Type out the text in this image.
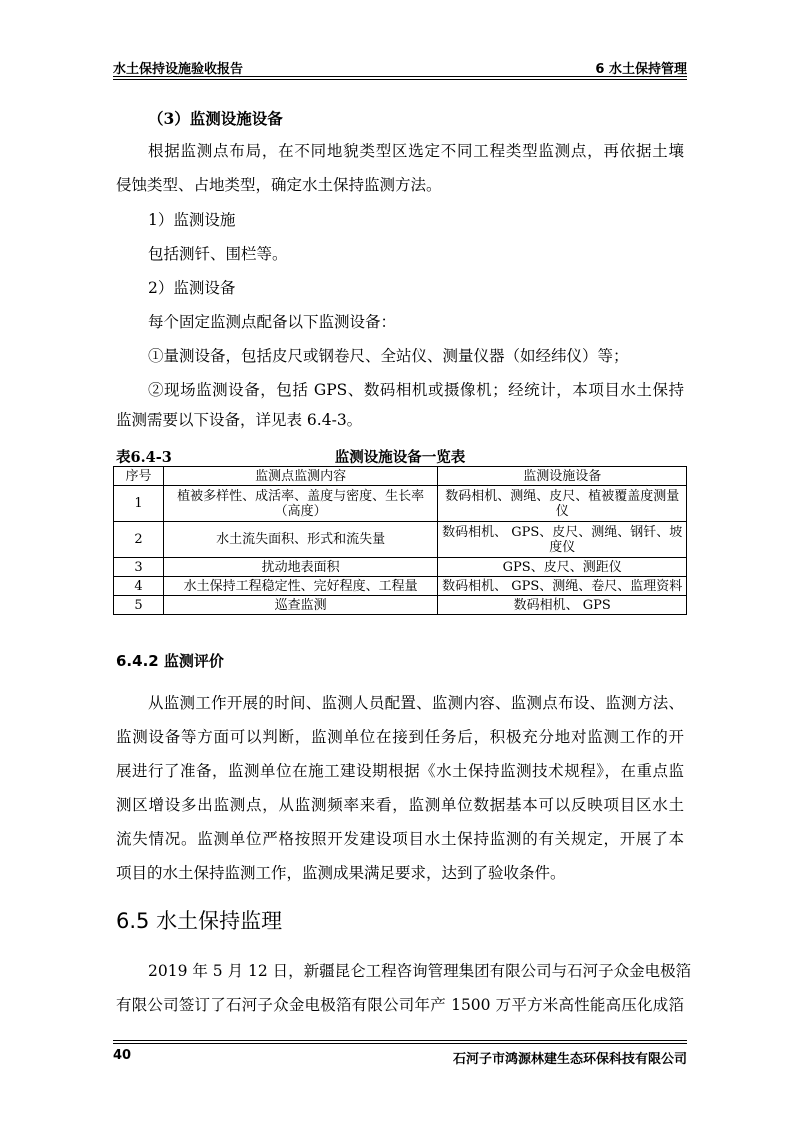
水土保持设施验收报告	6 水土保持管理
（3）监测设施设备
根据监测点布局，在不同地貌类型区选定不同工程类型监测点，再依据土壤
侵蚀类型、占地类型，确定水土保持监测方法。
1）监测设施
包括测钎、围栏等。
2）监测设备
每个固定监测点配备以下监测设备：
①量测设备，包括皮尺或钢卷尺、全站仪、测量仪器（如经纬仪）等；
②现场监测设备，包括 GPS、数码相机或摄像机；经统计，本项目水土保持
监测需要以下设备，详见表 6.4-3。
表6.4-3	监测设施设备一览表
序号	监测点监测内容	监测设施设备
1	植被多样性、成活率、盖度与密度、生长率（高度）	数码相机、测绳、皮尺、植被覆盖度测量仪
2	水土流失面积、形式和流失量	数码相机、 GPS、皮尺、测绳、钢钎、坡度仪
3	扰动地表面积	GPS、皮尺、测距仪
4	水土保持工程稳定性、完好程度、工程量	数码相机、 GPS、测绳、卷尺、监理资料
5	巡查监测	数码相机、 GPS
6.4.2 监测评价
从监测工作开展的时间、监测人员配置、监测内容、监测点布设、监测方法、
监测设备等方面可以判断，监测单位在接到任务后，积极充分地对监测工作的开
展进行了准备，监测单位在施工建设期根据《水土保持监测技术规程》，在重点监
测区增设多出监测点，从监测频率来看，监测单位数据基本可以反映项目区水土
流失情况。监测单位严格按照开发建设项目水土保持监测的有关规定，开展了本
项目的水土保持监测工作，监测成果满足要求，达到了验收条件。
6.5 水土保持监理
2019 年 5 月 12 日，新疆昆仑工程咨询管理集团有限公司与石河子众金电极箔
有限公司签订了石河子众金电极箔有限公司年产 1500 万平方米高性能高压化成箔
40	石河子市鸿源林建生态环保科技有限公司
